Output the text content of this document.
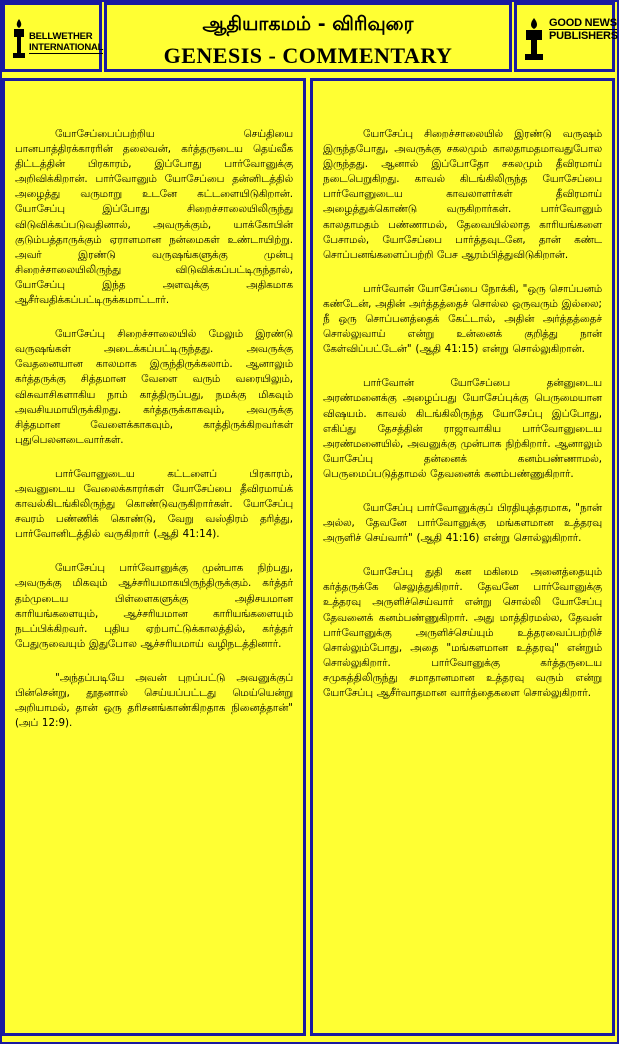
BELLWETHER
INTERNATIONAL
ஆதியாகமம் - விரிவுரை
GENESIS - COMMENTARY
GOOD NEWS
PUBLISHERS

யோசேப்பைப்பற்றிய செய்தியை பானபாத்திரக்காரரின் தலைவன், கர்த்தருடைய தெய்வீக திட்டத்தின் பிரகாரம், இப்போது பார்வோனுக்கு அறிவிக்கிறான். பார்வோனும் யோசேப்பை தன்னிடத்தில் அழைத்து வருமாறு உடனே கட்டளையிடுகிறான். யோசேப்பு இப்போது சிறைச்சாலையிலிருந்து விடுவிக்கப்படுவதினால், அவருக்கும், யாக்கோபின் குடும்பத்தாருக்கும் ஏராளமான நன்மைகள் உண்டாயிற்று. அவர் இரண்டு வருஷங்களுக்கு முன்பு சிறைச்சாலையிலிருந்து விடுவிக்கப்பட்டிருந்தால், யோசேப்பு இந்த அளவுக்கு அதிகமாக ஆசீர்வதிக்கப்பட்டிருக்கமாட்டார்.

யோசேப்பு சிறைச்சாலையில் மேலும் இரண்டு வருஷங்கள் அடைக்கப்பட்டிருந்தது. அவருக்கு வேதனையான காலமாக இருந்திருக்கலாம். ஆனாலும் கர்த்தருக்கு சித்தமான வேளை வரும் வரையிலும், விசுவாசிகளாகிய நாம் காத்திருப்பது, நமக்கு மிகவும் அவசியமாயிருக்கிறது. கர்த்தருக்காகவும், அவருக்கு சித்தமான வேளைக்காகவும், காத்திருக்கிறவர்கள் புதுபெலனடைவார்கள்.

பார்வோனுடைய கட்டளைப் பிரகாரம், அவனுடைய வேலைக்காரர்கள் யோசேப்பை தீவிரமாய்க் காவல்கிடங்கிலிருந்து கொண்டுவருகிறார்கள். யோசேப்பு சவரம் பண்ணிக் கொண்டு, வேறு வஸ்திரம் தரித்து, பார்வோனிடத்தில் வருகிறார் (ஆதி 41:14).

யோசேப்பு பார்வோனுக்கு முன்பாக நிற்பது, அவருக்கு மிகவும் ஆச்சரியமாகயிருந்திருக்கும். கர்த்தர் தம்முடைய பிள்ளைகளுக்கு அதிசயமான காரியங்களையும், ஆச்சரியமான காரியங்களையும் நடப்பிக்கிறவர். புதிய ஏற்பாட்டுக்காலத்தில், கர்த்தர் பேதுருவையும் இதுபோல ஆச்சரியமாய் வழிநடத்தினார்.

"அந்தப்படியே அவன் புறப்பட்டு அவனுக்குப் பின்சென்று, தூதனால் செய்யப்பட்டது மெய்யென்று அறியாமல், தான் ஒரு தரிசனங்காண்கிறதாக நினைத்தான்" (அப் 12:9).

யோசேப்பு சிறைச்சாலையில் இரண்டு வருஷம் இருந்தபோது, அவருக்கு சகலமும் காலதாமதமாவதுபோல இருந்தது. ஆனால் இப்போதோ சகலமும் தீவிரமாய் நடைபெறுகிறது. காவல் கிடங்கிலிருந்த யோசேப்பை பார்வோனுடைய காவலாளர்கள் தீவிரமாய் அழைத்துக்கொண்டு வருகிறார்கள். பார்வோனும் காலதாமதம் பண்ணாமல், தேவையில்லாத காரியங்களை பேசாமல், யோசேப்பை பார்த்தவுடனே, தான் கண்ட சொப்பனங்களைப்பற்றி பேச ஆரம்பித்துவிடுகிறான்.

பார்வோன் யோசேப்பை நோக்கி, "ஒரு சொப்பனம் கண்டேன், அதின் அர்த்தத்தைச் சொல்ல ஒருவரும் இல்லை; நீ ஒரு சொப்பனத்தைக் கேட்டால், அதின் அர்த்தத்தைச் சொல்லுவாய் என்று உன்னைக் குறித்து நான் கேள்விப்பட்டேன்" (ஆதி 41:15) என்று சொல்லுகிறான்.

பார்வோன் யோசேப்பை தன்னுடைய அரண்மனைக்கு அழைப்பது யோசேப்புக்கு பெருமையான விஷயம். காவல் கிடங்கிலிருந்த யோசேப்பு இப்போது, எகிப்து தேசத்தின் ராஜாவாகிய பார்வோனுடைய அரண்மனையில், அவனுக்கு முன்பாக நிற்கிறார். ஆனாலும் யோசேப்பு தன்னைக் கனம்பண்ணாமல், பெருமைப்படுத்தாமல் தேவனைக் கனம்பண்ணுகிறார்.

யோசேப்பு பார்வோனுக்குப் பிரதியுத்தரமாக, "நான் அல்ல, தேவனே பார்வோனுக்கு மங்களமான உத்தரவு அருளிச் செய்வார்" (ஆதி 41:16) என்று சொல்லுகிறார்.

யோசேப்பு துதி கன மகிமை அனைத்தையும் கர்த்தருக்கே செலுத்துகிறார். தேவனே பார்வோனுக்கு உத்தரவு அருளிச்செய்வார் என்று சொல்லி யோசேப்பு தேவனைக் கனம்பண்ணுகிறார். அது மாத்திரமல்ல, தேவன் பார்வோனுக்கு அருளிச்செய்யும் உத்தரவைப்பற்றிச் சொல்லும்போது, அதை "மங்களமான உத்தரவு" என்றும் சொல்லுகிறார். பார்வோனுக்கு கர்த்தருடைய சமுகத்திலிருந்து சமாதானமான உத்தரவு வரும் என்று யோசேப்பு ஆசீர்வாதமான வார்த்தைகளை சொல்லுகிறார்.
